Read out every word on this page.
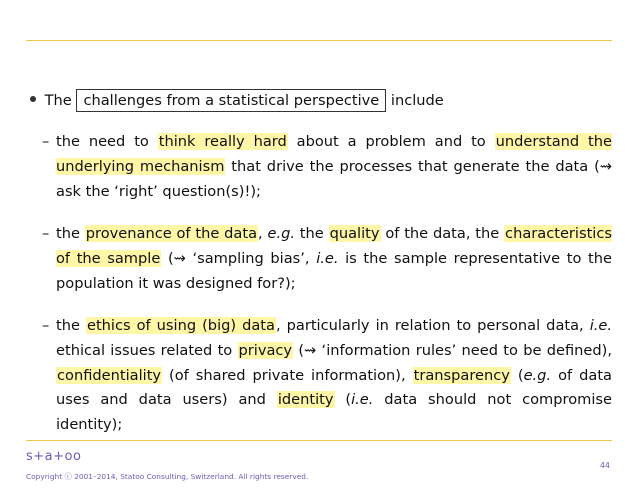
The challenges from a statistical perspective include
– the need to think really hard about a problem and to understand the underlying mechanism that drive the processes that generate the data (⇝ ask the ‘right’ question(s)!);
– the provenance of the data, e.g. the quality of the data, the characteristics of the sample (⇝ ‘sampling bias’, i.e. is the sample representative to the population it was designed for?);
– the ethics of using (big) data, particularly in relation to personal data, i.e. ethical issues related to privacy (⇝ ‘information rules’ need to be defined), confidentiality (of shared private information), transparency (e.g. of data uses and data users) and identity (i.e. data should not compromise identity);
s+a+oo
Copyright ⓒ 2001–2014, Statoo Consulting, Switzerland. All rights reserved.
44
